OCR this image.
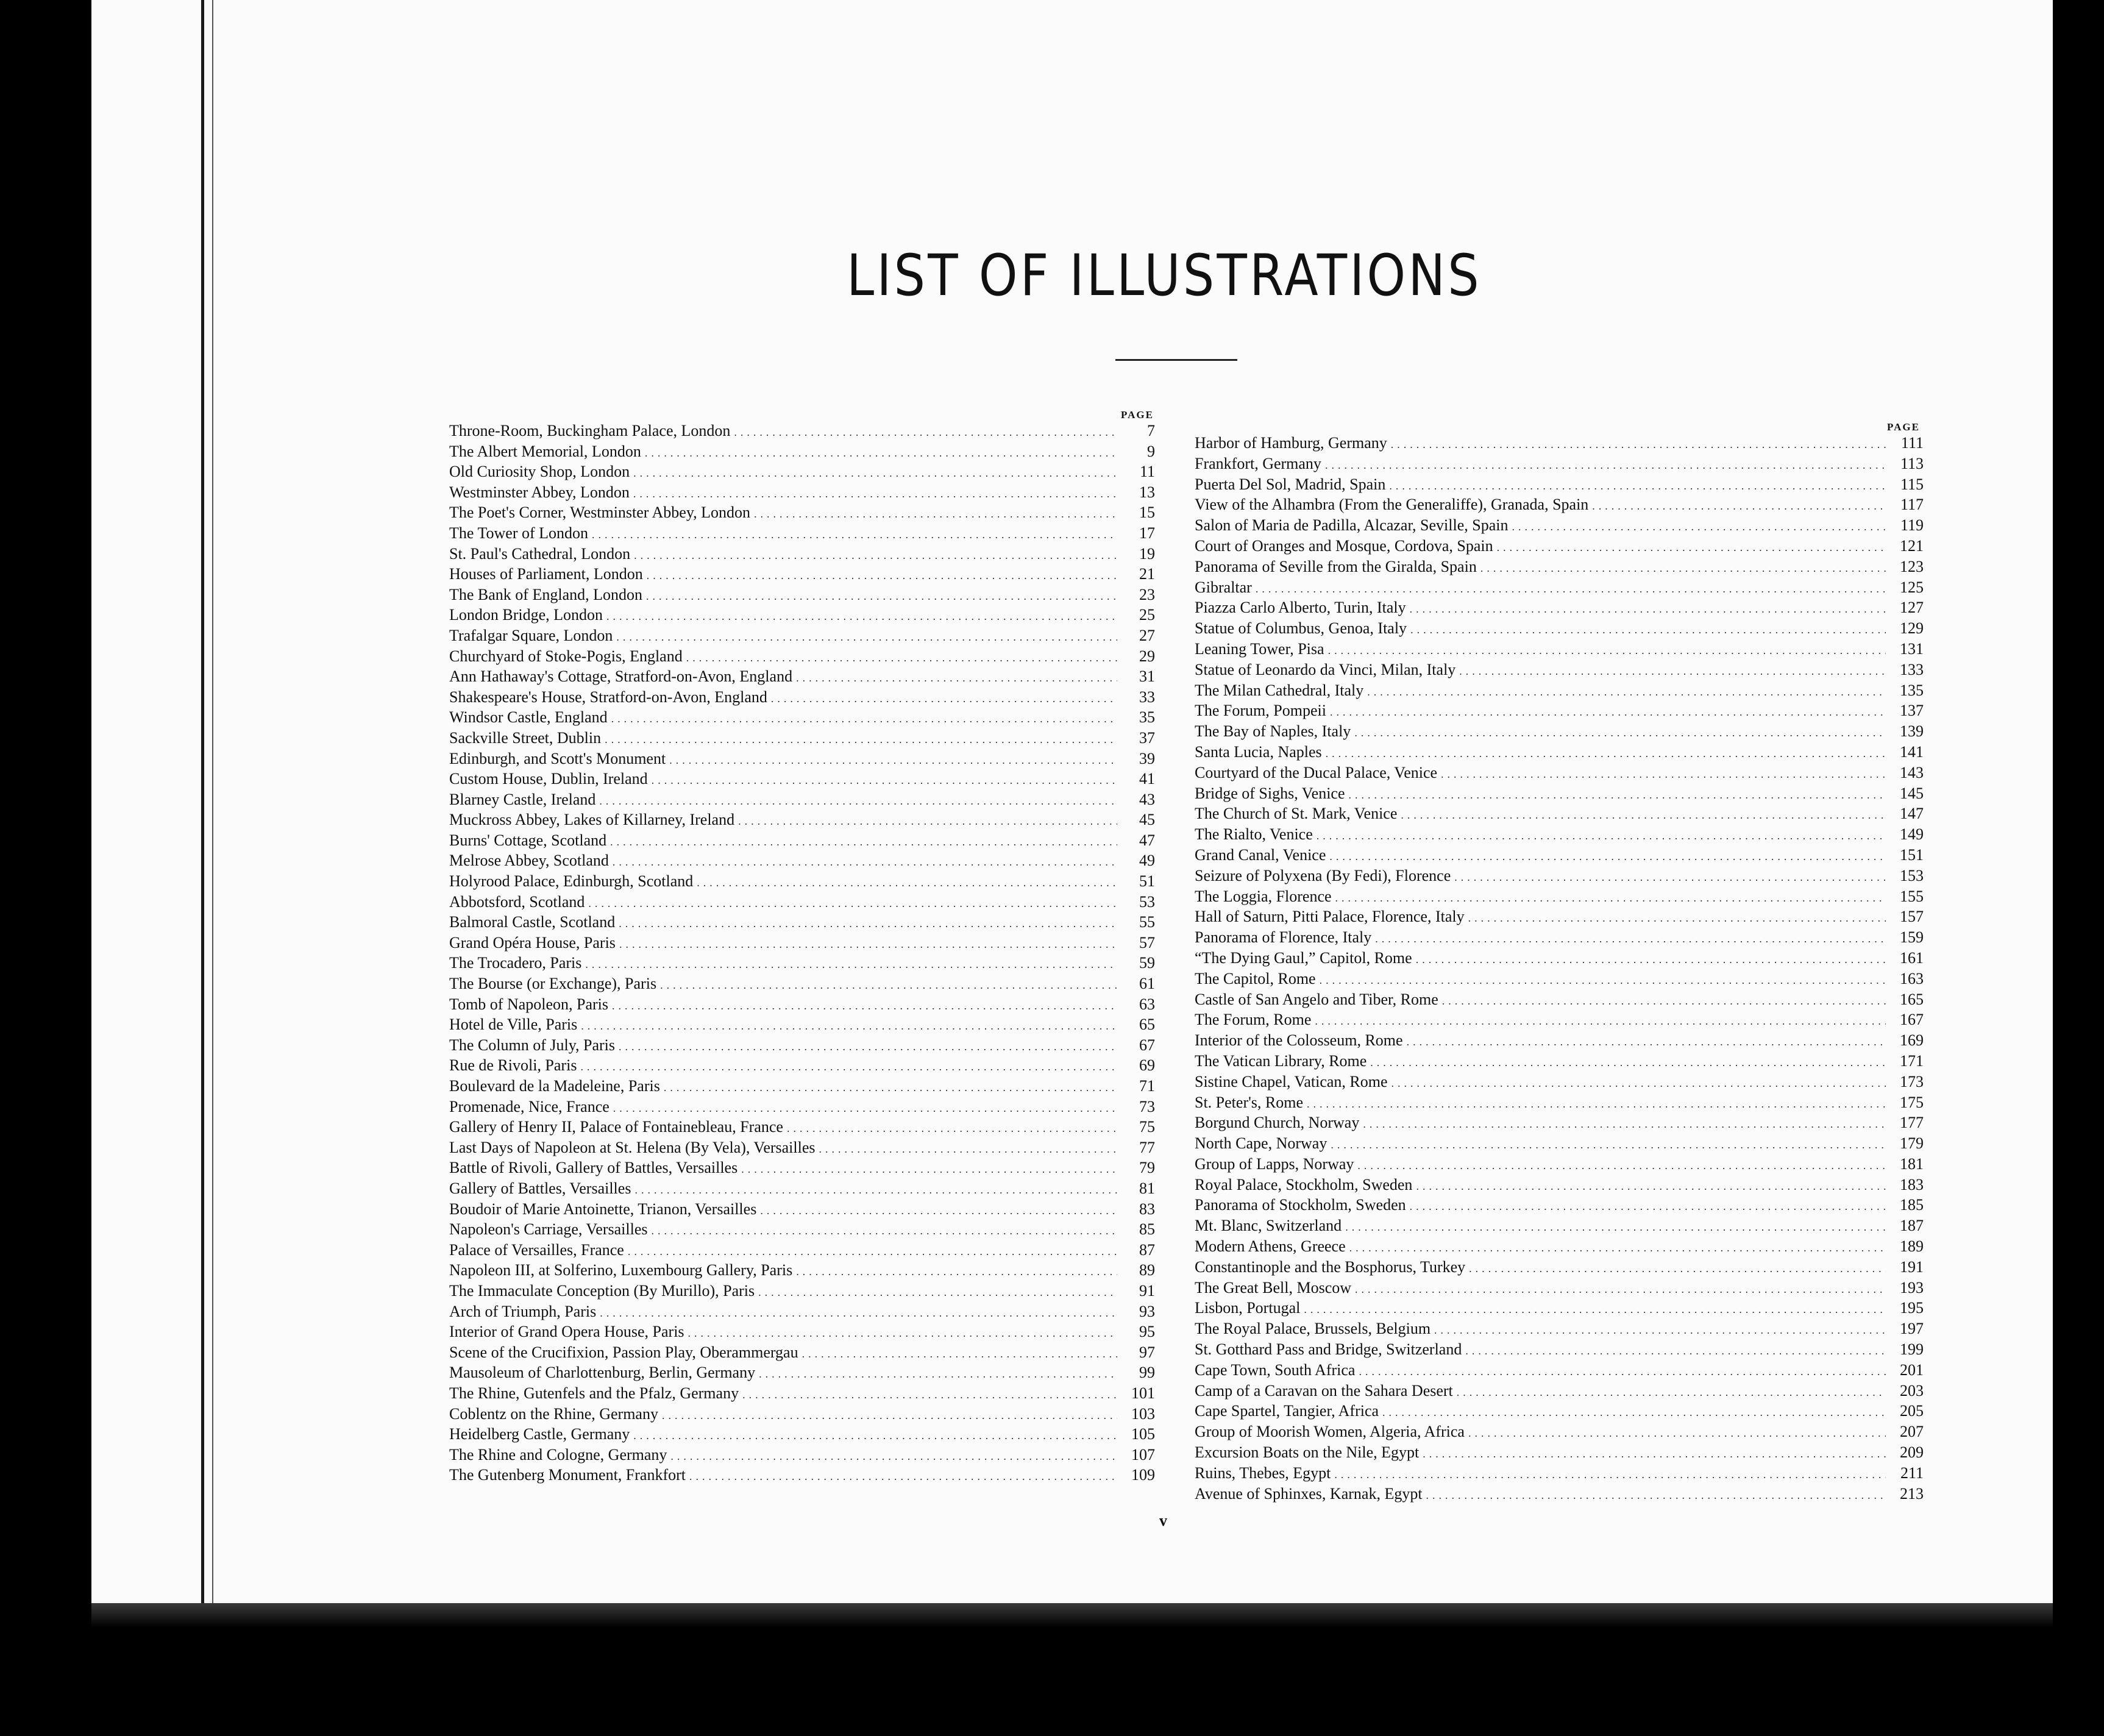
LIST OF ILLUSTRATIONS
PAGE
Throne-Room, Buckingham Palace, London .....	7
The Albert Memorial, London .....	9
Old Curiosity Shop, London .....	11
Westminster Abbey, London .....	13
The Poet's Corner, Westminster Abbey, London .....	15
The Tower of London .....	17
St. Paul's Cathedral, London .....	19
Houses of Parliament, London .....	21
The Bank of England, London .....	23
London Bridge, London .....	25
Trafalgar Square, London .....	27
Churchyard of Stoke-Pogis, England .....	29
Ann Hathaway's Cottage, Stratford-on-Avon, England .....	31
Shakespeare's House, Stratford-on-Avon, England .....	33
Windsor Castle, England .....	35
Sackville Street, Dublin .....	37
Edinburgh, and Scott's Monument .....	39
Custom House, Dublin, Ireland .....	41
Blarney Castle, Ireland .....	43
Muckross Abbey, Lakes of Killarney, Ireland .....	45
Burns' Cottage, Scotland .....	47
Melrose Abbey, Scotland .....	49
Holyrood Palace, Edinburgh, Scotland .....	51
Abbotsford, Scotland .....	53
Balmoral Castle, Scotland .....	55
Grand Opéra House, Paris .....	57
The Trocadero, Paris .....	59
The Bourse (or Exchange), Paris .....	61
Tomb of Napoleon, Paris .....	63
Hotel de Ville, Paris .....	65
The Column of July, Paris .....	67
Rue de Rivoli, Paris .....	69
Boulevard de la Madeleine, Paris .....	71
Promenade, Nice, France .....	73
Gallery of Henry II, Palace of Fontainebleau, France .....	75
Last Days of Napoleon at St. Helena (By Vela), Versailles .....	77
Battle of Rivoli, Gallery of Battles, Versailles .....	79
Gallery of Battles, Versailles .....	81
Boudoir of Marie Antoinette, Trianon, Versailles .....	83
Napoleon's Carriage, Versailles .....	85
Palace of Versailles, France .....	87
Napoleon III, at Solferino, Luxembourg Gallery, Paris .....	89
The Immaculate Conception (By Murillo), Paris .....	91
Arch of Triumph, Paris .....	93
Interior of Grand Opera House, Paris .....	95
Scene of the Crucifixion, Passion Play, Oberammergau .....	97
Mausoleum of Charlottenburg, Berlin, Germany .....	99
The Rhine, Gutenfels and the Pfalz, Germany .....	101
Coblentz on the Rhine, Germany .....	103
Heidelberg Castle, Germany .....	105
The Rhine and Cologne, Germany .....	107
The Gutenberg Monument, Frankfort .....	109
PAGE
Harbor of Hamburg, Germany .....	111
Frankfort, Germany .....	113
Puerta Del Sol, Madrid, Spain .....	115
View of the Alhambra (From the Generaliffe), Granada, Spain .....	117
Salon of Maria de Padilla, Alcazar, Seville, Spain .....	119
Court of Oranges and Mosque, Cordova, Spain .....	121
Panorama of Seville from the Giralda, Spain .....	123
Gibraltar .....	125
Piazza Carlo Alberto, Turin, Italy .....	127
Statue of Columbus, Genoa, Italy .....	129
Leaning Tower, Pisa .....	131
Statue of Leonardo da Vinci, Milan, Italy .....	133
The Milan Cathedral, Italy .....	135
The Forum, Pompeii .....	137
The Bay of Naples, Italy .....	139
Santa Lucia, Naples .....	141
Courtyard of the Ducal Palace, Venice .....	143
Bridge of Sighs, Venice .....	145
The Church of St. Mark, Venice .....	147
The Rialto, Venice .....	149
Grand Canal, Venice .....	151
Seizure of Polyxena (By Fedi), Florence .....	153
The Loggia, Florence .....	155
Hall of Saturn, Pitti Palace, Florence, Italy .....	157
Panorama of Florence, Italy .....	159
“The Dying Gaul,” Capitol, Rome .....	161
The Capitol, Rome .....	163
Castle of San Angelo and Tiber, Rome .....	165
The Forum, Rome .....	167
Interior of the Colosseum, Rome .....	169
The Vatican Library, Rome .....	171
Sistine Chapel, Vatican, Rome .....	173
St. Peter's, Rome .....	175
Borgund Church, Norway .....	177
North Cape, Norway .....	179
Group of Lapps, Norway .....	181
Royal Palace, Stockholm, Sweden .....	183
Panorama of Stockholm, Sweden .....	185
Mt. Blanc, Switzerland .....	187
Modern Athens, Greece .....	189
Constantinople and the Bosphorus, Turkey .....	191
The Great Bell, Moscow .....	193
Lisbon, Portugal .....	195
The Royal Palace, Brussels, Belgium .....	197
St. Gotthard Pass and Bridge, Switzerland .....	199
Cape Town, South Africa .....	201
Camp of a Caravan on the Sahara Desert .....	203
Cape Spartel, Tangier, Africa .....	205
Group of Moorish Women, Algeria, Africa .....	207
Excursion Boats on the Nile, Egypt .....	209
Ruins, Thebes, Egypt .....	211
Avenue of Sphinxes, Karnak, Egypt .....	213
v
